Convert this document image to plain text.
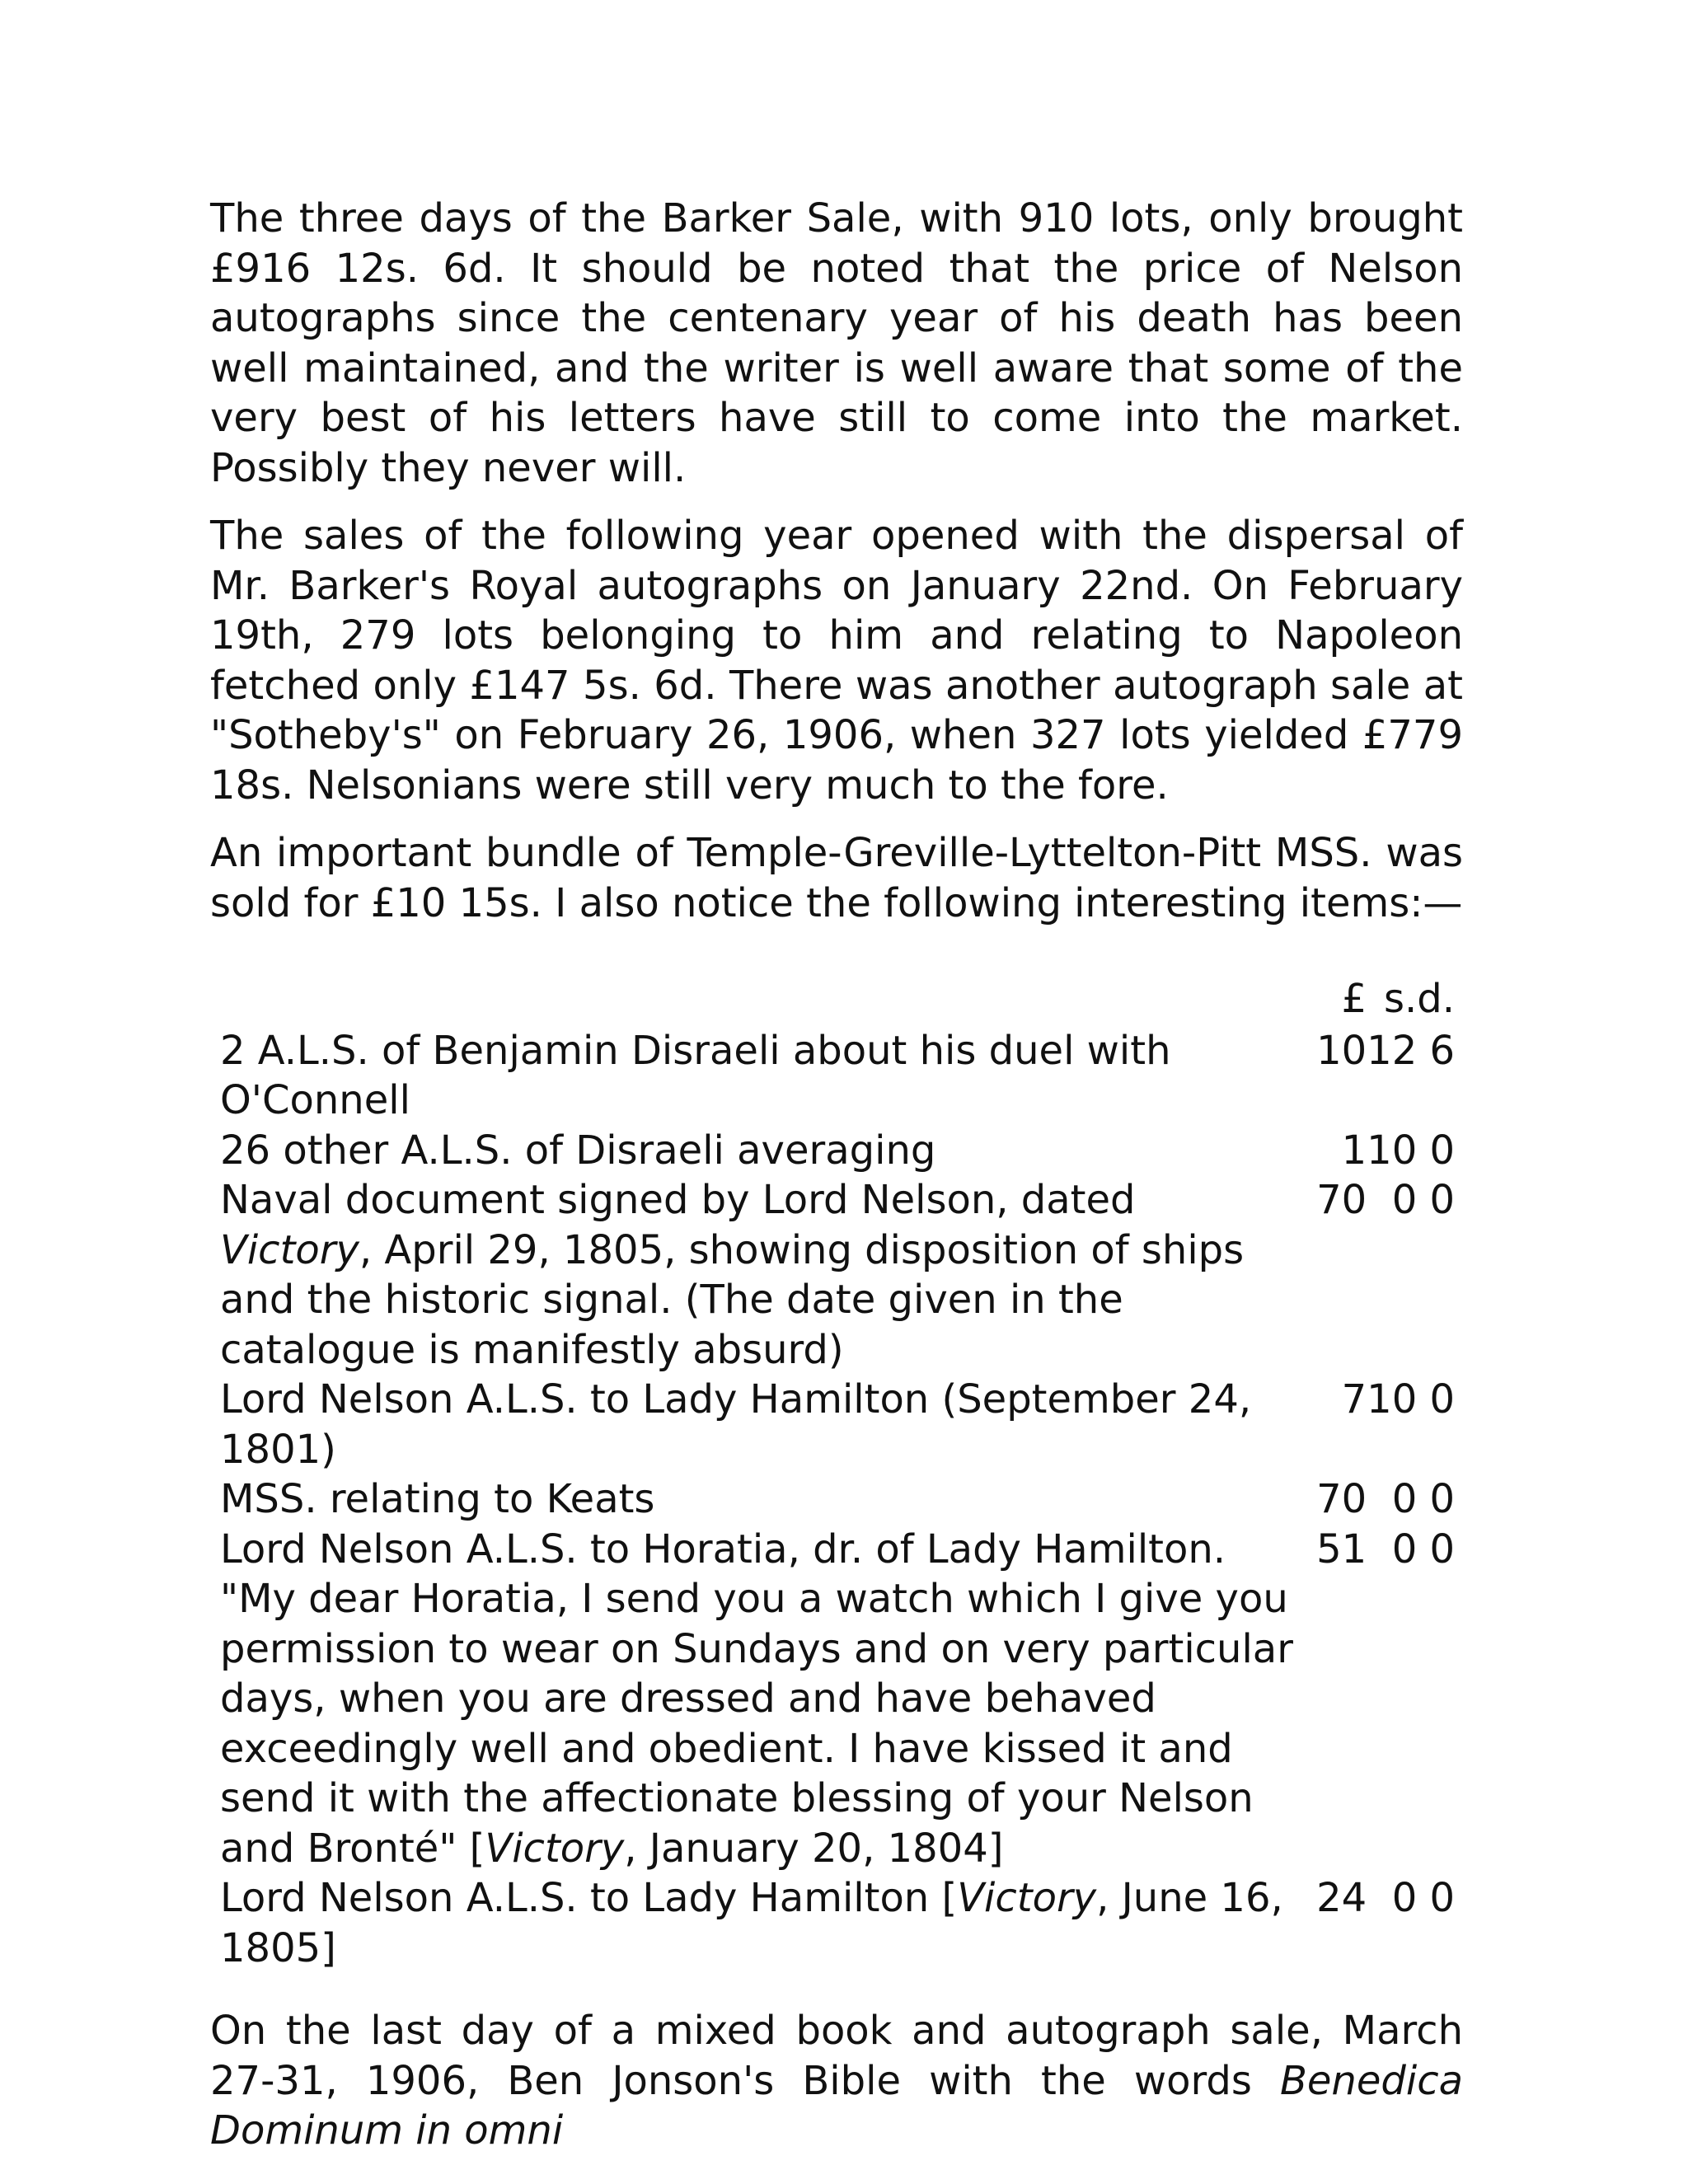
The three days of the Barker Sale, with 910 lots, only brought £916 12s. 6d. It should be noted that the price of Nelson autographs since the centenary year of his death has been well maintained, and the writer is well aware that some of the very best of his letters have still to come into the market. Possibly they never will.

The sales of the following year opened with the dispersal of Mr. Barker's Royal autographs on January 22nd. On February 19th, 279 lots belonging to him and relating to Napoleon fetched only £147 5s. 6d. There was another autograph sale at "Sotheby's" on February 26, 1906, when 327 lots yielded £779 18s. Nelsonians were still very much to the fore.

An important bundle of Temple-Greville-Lyttelton-Pitt MSS. was sold for £10 15s. I also notice the following interesting items:—

	£	s.	d.
2 A.L.S. of Benjamin Disraeli about his duel with O'Connell	10	12	6
26 other A.L.S. of Disraeli averaging	1	10	0
Naval document signed by Lord Nelson, dated Victory, April 29, 1805, showing disposition of ships and the historic signal. (The date given in the catalogue is manifestly absurd)	70	0	0
Lord Nelson A.L.S. to Lady Hamilton (September 24, 1801)	7	10	0
MSS. relating to Keats	70	0	0
Lord Nelson A.L.S. to Horatia, dr. of Lady Hamilton. "My dear Horatia, I send you a watch which I give you permission to wear on Sundays and on very particular days, when you are dressed and have behaved exceedingly well and obedient. I have kissed it and send it with the affectionate blessing of your Nelson and Bronté" [Victory, January 20, 1804]	51	0	0
Lord Nelson A.L.S. to Lady Hamilton [Victory, June 16, 1805]	24	0	0

On the last day of a mixed book and autograph sale, March 27-31, 1906, Ben Jonson's Bible with the words Benedica Dominum in omni
